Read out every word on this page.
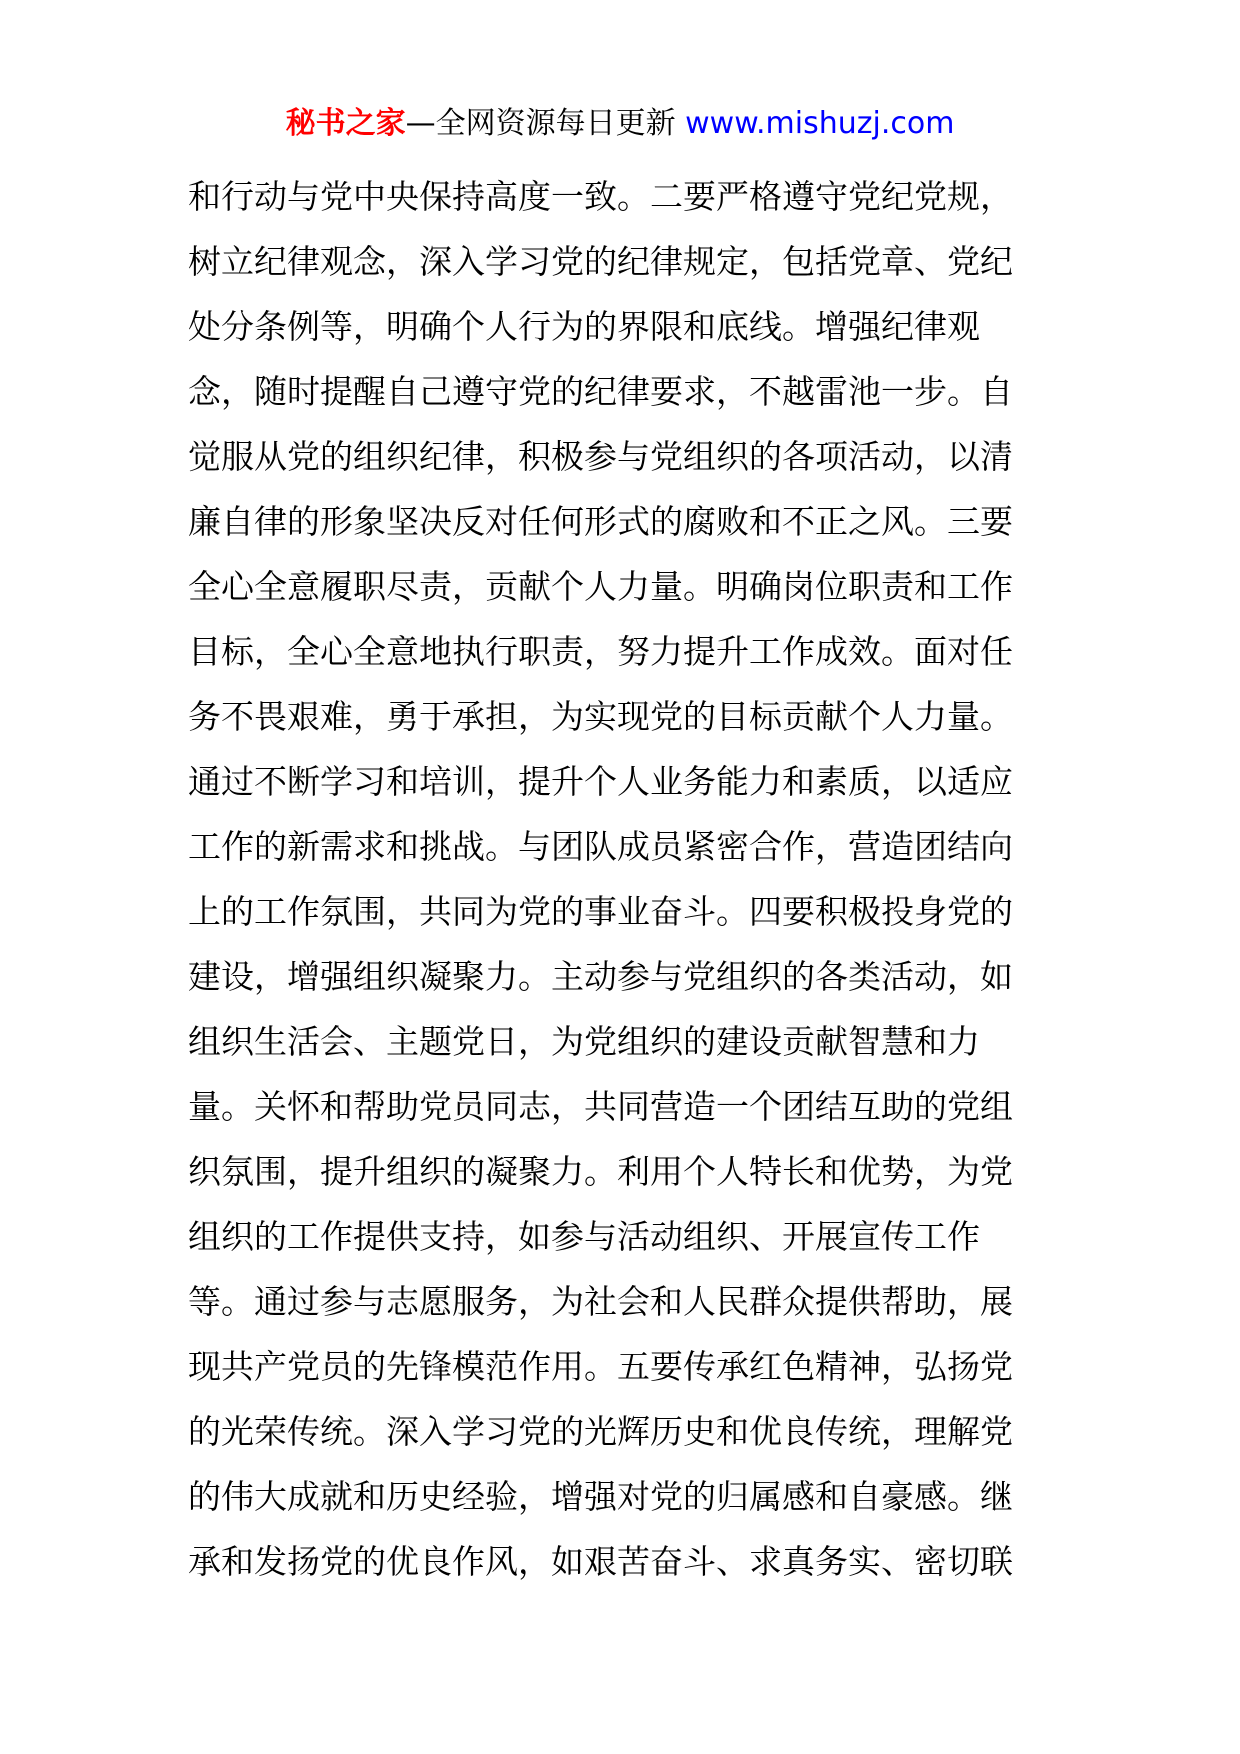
秘书之家—全网资源每日更新 www.mishuzj.com
和行动与党中央保持高度一致。二要严格遵守党纪党规，
树立纪律观念，深入学习党的纪律规定，包括党章、党纪
处分条例等，明确个人行为的界限和底线。增强纪律观
念，随时提醒自己遵守党的纪律要求，不越雷池一步。自
觉服从党的组织纪律，积极参与党组织的各项活动，以清
廉自律的形象坚决反对任何形式的腐败和不正之风。三要
全心全意履职尽责，贡献个人力量。明确岗位职责和工作
目标，全心全意地执行职责，努力提升工作成效。面对任
务不畏艰难，勇于承担，为实现党的目标贡献个人力量。
通过不断学习和培训，提升个人业务能力和素质，以适应
工作的新需求和挑战。与团队成员紧密合作，营造团结向
上的工作氛围，共同为党的事业奋斗。四要积极投身党的
建设，增强组织凝聚力。主动参与党组织的各类活动，如
组织生活会、主题党日，为党组织的建设贡献智慧和力
量。关怀和帮助党员同志，共同营造一个团结互助的党组
织氛围，提升组织的凝聚力。利用个人特长和优势，为党
组织的工作提供支持，如参与活动组织、开展宣传工作
等。通过参与志愿服务，为社会和人民群众提供帮助，展
现共产党员的先锋模范作用。五要传承红色精神，弘扬党
的光荣传统。深入学习党的光辉历史和优良传统，理解党
的伟大成就和历史经验，增强对党的归属感和自豪感。继
承和发扬党的优良作风，如艰苦奋斗、求真务实、密切联
